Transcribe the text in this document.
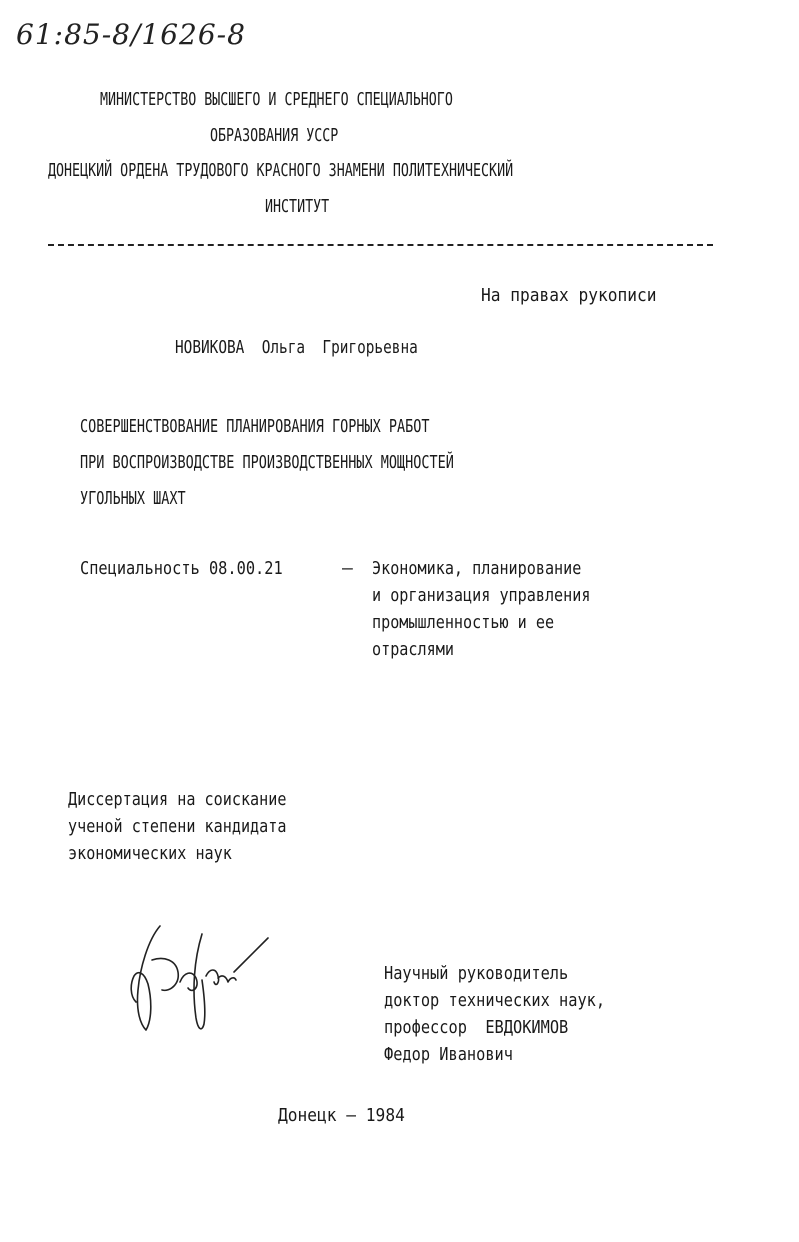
61:85-8/1626-8
МИНИСТЕРСТВО ВЫСШЕГО И СРЕДНЕГО СПЕЦИАЛЬНОГО
ОБРАЗОВАНИЯ УССР
ДОНЕЦКИЙ ОРДЕНА ТРУДОВОГО КРАСНОГО ЗНАМЕНИ ПОЛИТЕХНИЧЕСКИЙ
ИНСТИТУТ
На правах рукописи
НОВИКОВА Ольга Григорьевна
СОВЕРШЕНСТВОВАНИЕ ПЛАНИРОВАНИЯ ГОРНЫХ РАБОТ
ПРИ ВОСПРОИЗВОДСТВЕ ПРОИЗВОДСТВЕННЫХ МОЩНОСТЕЙ
УГОЛЬНЫХ ШАХТ
Специальность 08.00.21	– Экономика, планирование
и организация управления
промышленностью и ее
отраслями
Диссертация на соискание
ученой степени кандидата
экономических наук
Научный руководитель
доктор технических наук,
профессор ЕВДОКИМОВ
Федор Иванович
Донецк – 1984
